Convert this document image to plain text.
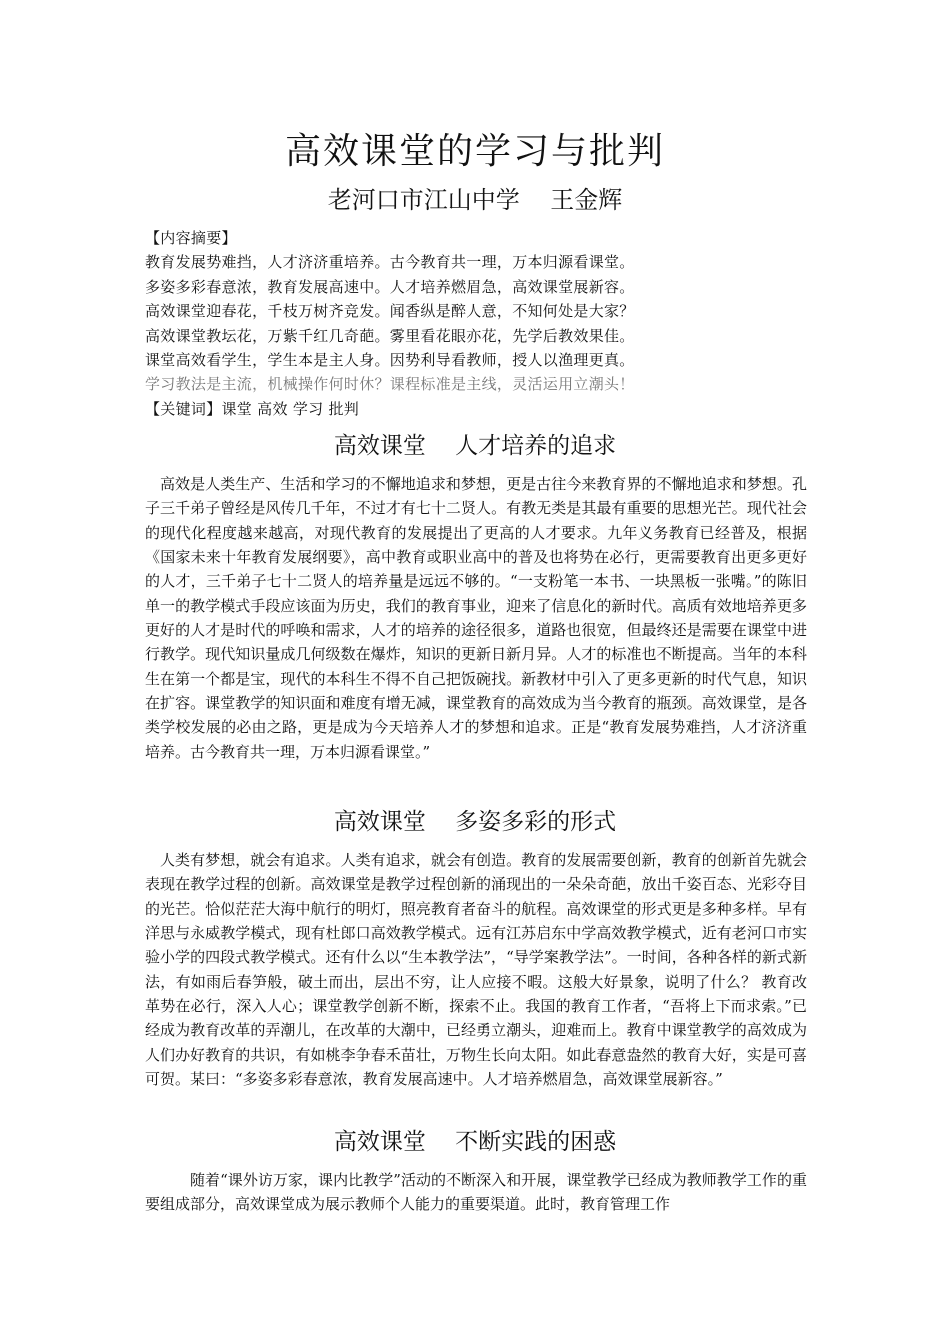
高效课堂的学习与批判
老河口市江山中学    王金辉
【内容摘要】
教育发展势难挡，人才济济重培养。古今教育共一理，万本归源看课堂。
多姿多彩春意浓，教育发展高速中。人才培养燃眉急，高效课堂展新容。
高效课堂迎春花，千枝万树齐竞发。闻香纵是醉人意，不知何处是大家？
高效课堂教坛花，万紫千红几奇葩。雾里看花眼亦花，先学后教效果佳。
课堂高效看学生，学生本是主人身。因势利导看教师，授人以渔理更真。
学习教法是主流，机械操作何时休？课程标准是主线，灵活运用立潮头！
【关键词】课堂 高效 学习 批判
高效课堂    人才培养的追求

高效是人类生产、生活和学习的不懈地追求和梦想，更是古往今来教育界的不懈地追求和梦想。孔子三千弟子曾经是风传几千年，不过才有七十二贤人。有教无类是其最有重要的思想光芒。现代社会的现代化程度越来越高，对现代教育的发展提出了更高的人才要求。九年义务教育已经普及，根据《国家未来十年教育发展纲要》，高中教育或职业高中的普及也将势在必行，更需要教育出更多更好的人才，三千弟子七十二贤人的培养量是远远不够的。“一支粉笔一本书、一块黑板一张嘴。”的陈旧单一的教学模式手段应该面为历史，我们的教育事业，迎来了信息化的新时代。高质有效地培养更多更好的人才是时代的呼唤和需求，人才的培养的途径很多，道路也很宽，但最终还是需要在课堂中进行教学。现代知识量成几何级数在爆炸，知识的更新日新月异。人才的标准也不断提高。当年的本科生在第一个都是宝，现代的本科生不得不自己把饭碗找。新教材中引入了更多更新的时代气息，知识在扩容。课堂教学的知识面和难度有增无减，课堂教育的高效成为当今教育的瓶颈。高效课堂，是各类学校发展的必由之路，更是成为今天培养人才的梦想和追求。正是“教育发展势难挡，人才济济重培养。古今教育共一理，万本归源看课堂。”

高效课堂    多姿多彩的形式

人类有梦想，就会有追求。人类有追求，就会有创造。教育的发展需要创新，教育的创新首先就会表现在教学过程的创新。高效课堂是教学过程创新的涌现出的一朵朵奇葩，放出千姿百态、光彩夺目的光芒。恰似茫茫大海中航行的明灯，照亮教育者奋斗的航程。高效课堂的形式更是多种多样。早有洋思与永威教学模式，现有杜郎口高效教学模式。远有江苏启东中学高效教学模式，近有老河口市实验小学的四段式教学模式。还有什么以“生本教学法”，“导学案教学法”。一时间，各种各样的新式新法，有如雨后春笋般，破土而出，层出不穷，让人应接不暇。这般大好景象，说明了什么？ 教育改革势在必行，深入人心；课堂教学创新不断，探索不止。我国的教育工作者，“吾将上下而求索。”已经成为教育改革的弄潮儿，在改革的大潮中，已经勇立潮头，迎难而上。教育中课堂教学的高效成为人们办好教育的共识，有如桃李争春禾苗壮，万物生长向太阳。如此春意盎然的教育大好，实是可喜可贺。某曰：“多姿多彩春意浓，教育发展高速中。人才培养燃眉急，高效课堂展新容。”

高效课堂    不断实践的困惑

随着“课外访万家，课内比教学”活动的不断深入和开展，课堂教学已经成为教师教学工作的重要组成部分，高效课堂成为展示教师个人能力的重要渠道。此时，教育管理工作
